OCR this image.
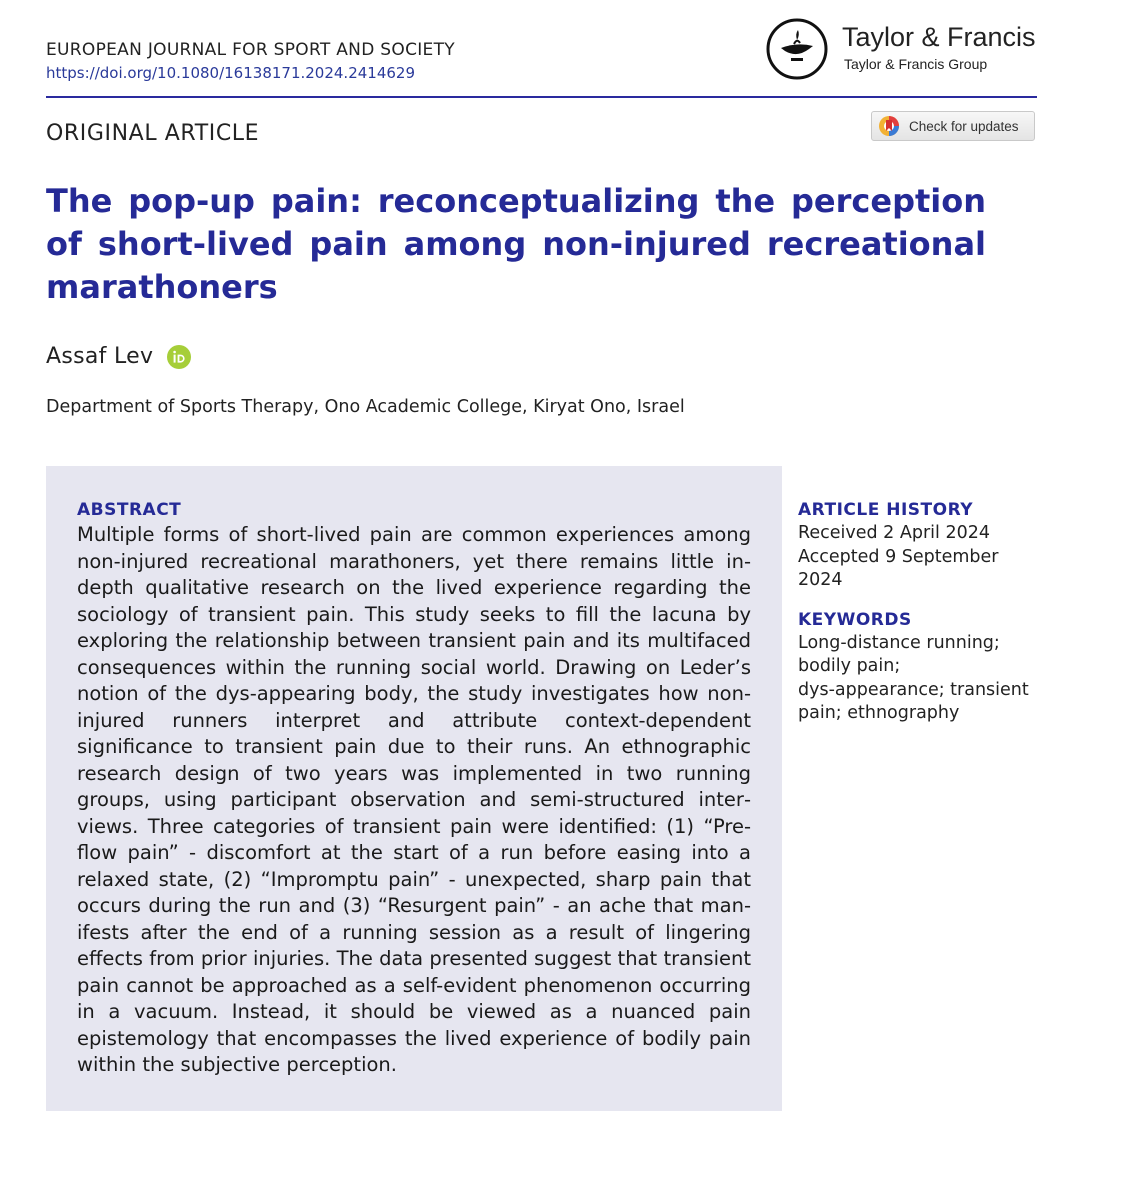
EUROPEAN JOURNAL FOR SPORT AND SOCIETY
https://doi.org/10.1080/16138171.2024.2414629
Taylor & Francis
Taylor & Francis Group
ORIGINAL ARTICLE	Check for updates
The pop-up pain: reconceptualizing the perception of short-lived pain among non-injured recreational marathoners
Assaf Lev
Department of Sports Therapy, Ono Academic College, Kiryat Ono, Israel
ABSTRACT

Multiple forms of short-lived pain are common experiences among non-injured recreational marathoners, yet there remains little in-depth qualitative research on the lived experience regarding the sociology of transient pain. This study seeks to fill the lacuna by exploring the relationship between transient pain and its multifaced consequences within the running social world. Drawing on Leder’s notion of the dys-appearing body, the study investigates how non-injured runners interpret and attribute context-dependent significance to transient pain due to their runs. An ethnographic research design of two years was implemented in two running groups, using participant observation and semi-structured interviews. Three categories of transient pain were identified: (1) “Pre-flow pain” - discomfort at the start of a run before easing into a relaxed state, (2) “Impromptu pain” - unexpected, sharp pain that occurs during the run and (3) “Resurgent pain” - an ache that manifests after the end of a running session as a result of lingering effects from prior injuries. The data presented suggest that transient pain cannot be approached as a self-evident phenomenon occurring in a vacuum. Instead, it should be viewed as a nuanced pain epistemology that encompasses the lived experience of bodily pain within the subjective perception.

ARTICLE HISTORY
Received 2 April 2024
Accepted 9 September
2024
KEYWORDS
Long-distance running;
bodily pain;
dys-appearance; transient
pain; ethnography
